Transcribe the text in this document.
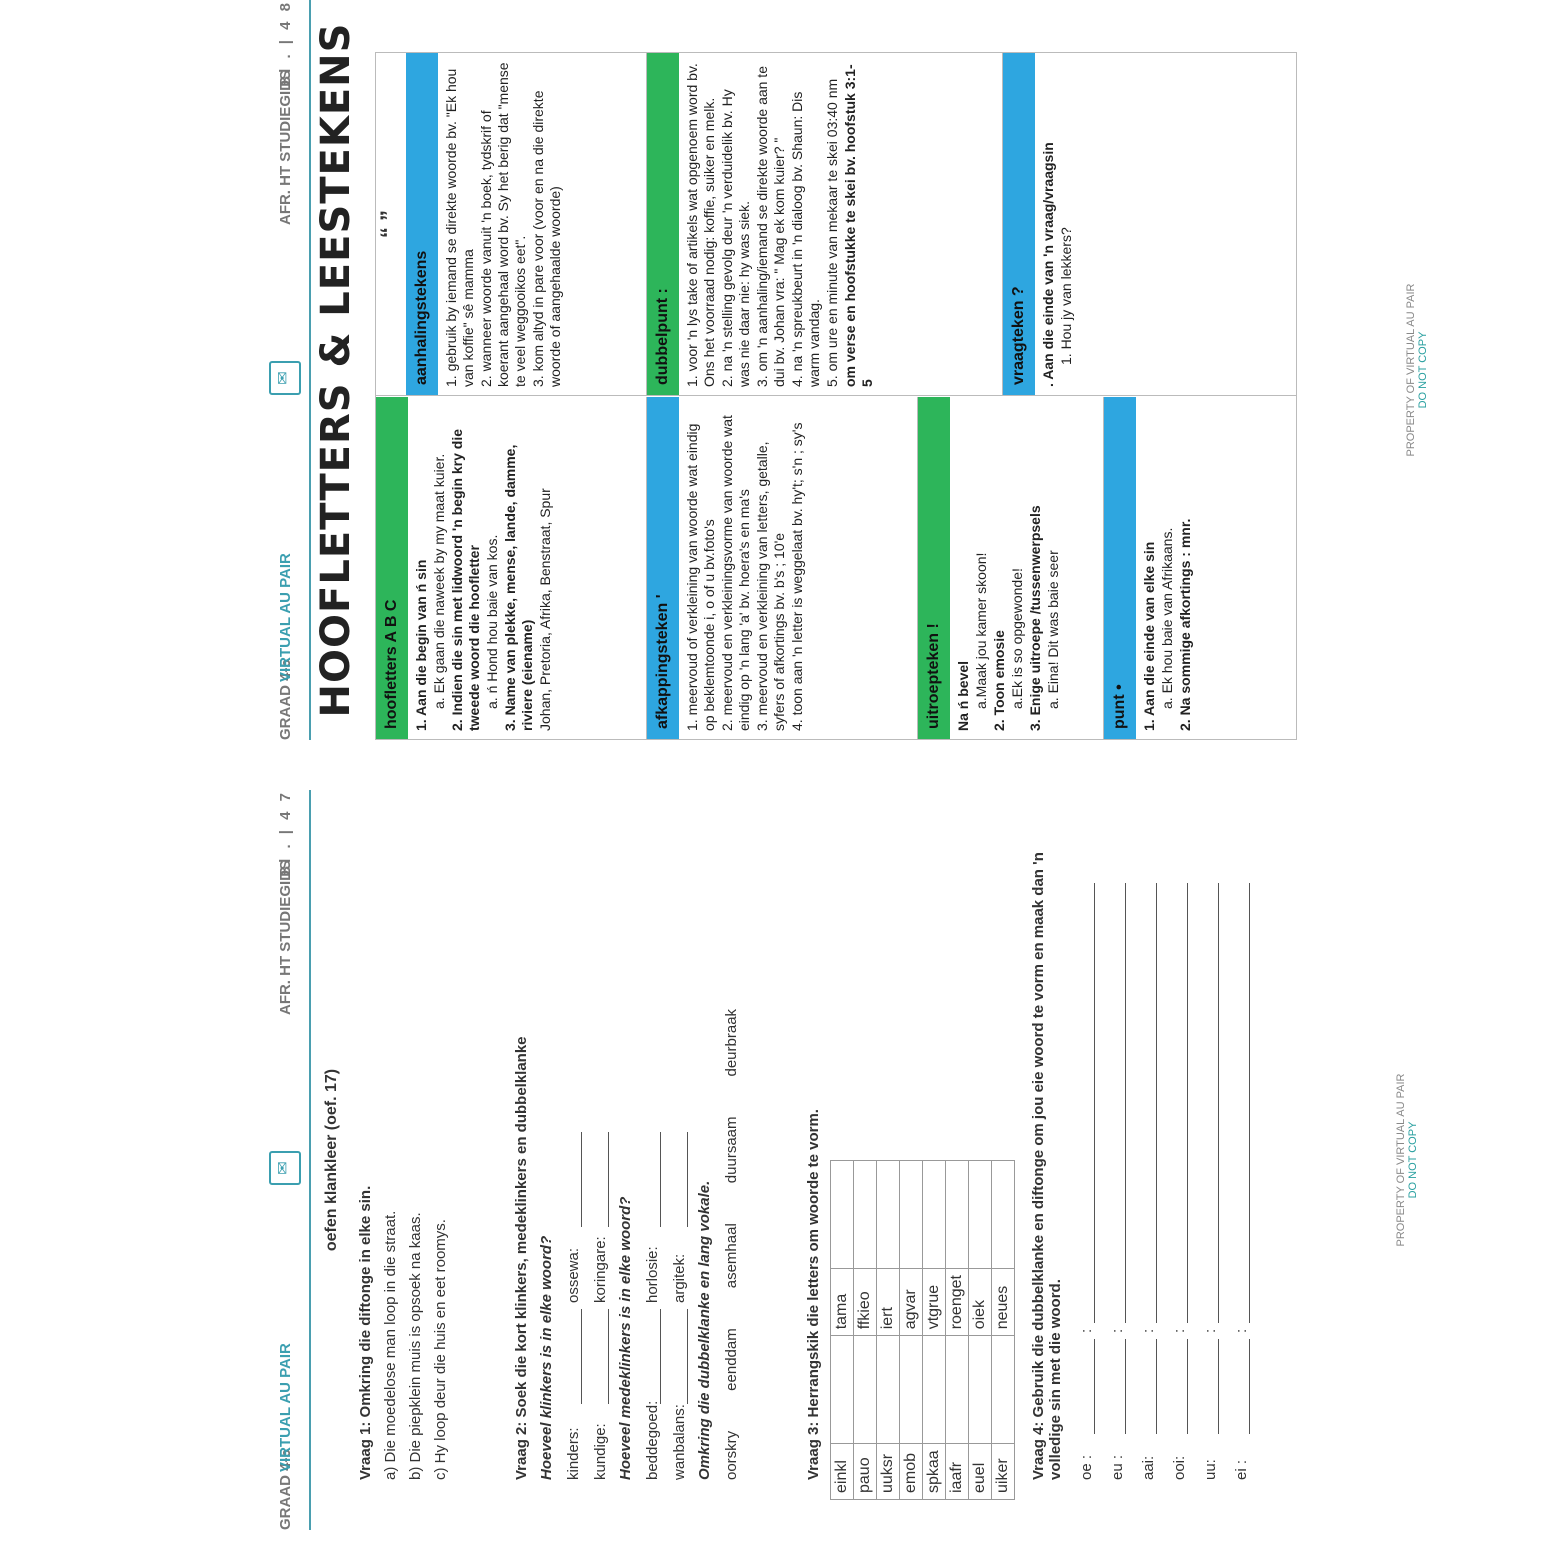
GRAAD 4-5
VIRTUAL AU PAIR
✉
AFR. HT STUDIEGIDS
Bl . | 4 7
oefen klankleer (oef. 17)
Vraag 1: Omkring die diftonge in elke sin. a) Die moedelose man loop in die straat. b) Die piepklein muis is opsoek na kaas. c) Hy loop deur die huis en eet roomys.	Vraag 2: Soek die kort klinkers, medeklinkers en dubbelklanke Hoeveel klinkers is in elke woord? kinders:ossewa:
kundige:koringare: Hoeveel medeklinkers is in elke woord? beddegoed:horlosie:
wanbalans:argitek: Omkring die dubbelklanke en lang vokale. oorskry
eenddam
asemhaal
duursaam
deurbraak
Vraag 3: Herrangskik die letters om woorde te vorm. einkl		tama	
pauo		ffkieo	
uuksr		iert	
emob		agvar	
spkaa		vtgrue	
iaafr		roenget	
euel		oiek	
uiker		neues	Vraag 4: Gebruik die dubbelklanke en diftonge om jou eie woord te vorm en maak dan 'n volledige sin met die woord. oe ::
eu ::
aai::
ooi::
uu::
ei ::
PROPERTY OF VIRTUAL AU PAIR DO NOT COPY
GRAAD 4-5
VIRTUAL AU PAIR
✉
AFR. HT STUDIEGIDS
Bl . | 4 8 HOOFLETTERS & LEESTEKENS	hoofletters A B C 1. Aan die begin van ń sin a. Ek gaan die naweek by my maat kuier. 2. Indien die sin met lidwoord 'n begin kry die tweede woord die hoofletter a. ń Hond hou baie van kos. 3. Name van plekke, mense, lande, damme, riviere (eiename) Johan, Pretoria, Afrika, Benstraat, Spur	afkappingsteken ' 1. meervoud of verkleining van woorde wat eindig op beklemtoonde i, o of u bv.foto's 2. meervoud en verkleiningsvorme van woorde wat eindig op 'n lang 'a' bv. hoera's en ma's 3. meervoud en verkleining van letters, getalle, syfers of afkortings bv. b's ; 10'e 4. toon aan 'n letter is weggelaat bv. hy't; s'n ; sy's	uitroepteken ! Na ń bevel a.Maak jou kamer skoon! 2. Toon emosie a.Ek is so opgewonde! 3. Enige uitroepe /tussenwerpsels a. Eina! Dit was baie seer	punt • 1. Aan die einde van elke sin a. Ek hou baie van Afrikaans. 2. Na sommige afkortings : mnr.
“ ”
aanhalingstekens 1. gebruik by iemand se direkte woorde bv. "Ek hou van koffie" sê mamma 2. wanneer woorde vanuit 'n boek, tydskrif of koerant aangehaal word bv. Sy het berig dat "mense te veel weggooikos eet". 3. kom altyd in pare voor (voor en na die direkte woorde of aangehaalde woorde)	dubbelpunt : 1. voor 'n lys take of artikels wat opgenoem word bv. Ons het voorraad nodig: koffie, suiker en melk. 2. na 'n stelling gevolg deur 'n verduidelik bv. Hy was nie daar nie: hy was siek. 3. om 'n aanhaling/iemand se direkte woorde aan te dui bv. Johan vra: " Mag ek kom kuier? " 4. na 'n spreukbeurt in 'n dialoog bv. Shaun: Dis warm vandag. 5. om ure en minute van mekaar te skei 03:40 nm om verse en hoofstukke te skei bv. hoofstuk 3:1-5	vraagteken ? . Aan die einde van 'n vraag/vraagsin 1. Hou jy van lekkers?	PROPERTY OF VIRTUAL AU PAIR DO NOT COPY
